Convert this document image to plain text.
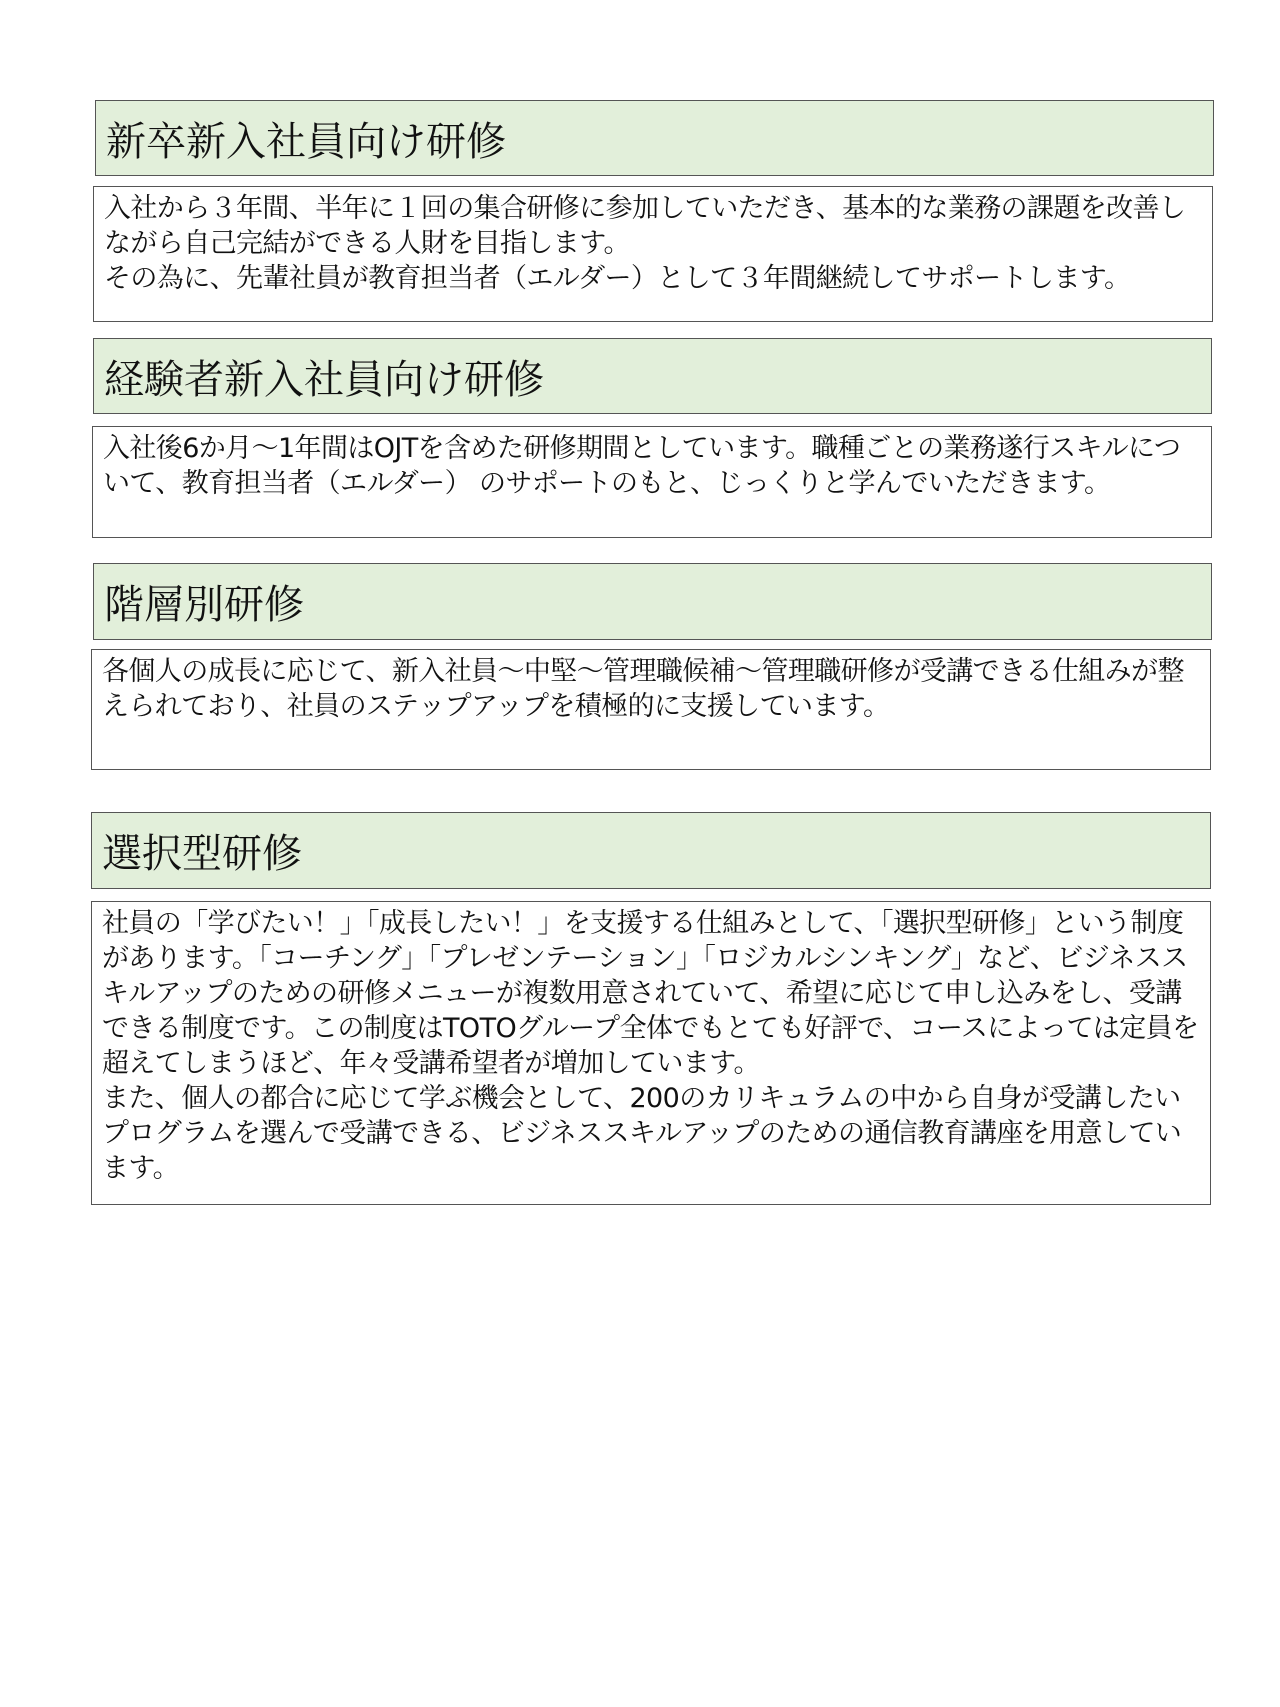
新卒新入社員向け研修

入社から３年間、半年に１回の集合研修に参加していただき、基本的な業務の課題を改善しながら自己完結ができる人財を目指します。

その為に、先輩社員が教育担当者（エルダー）として３年間継続してサポートします。

経験者新入社員向け研修

入社後6か月～1年間はOJTを含めた研修期間としています。職種ごとの業務遂行スキルについて、教育担当者（エルダー） のサポートのもと、じっくりと学んでいただきます。

階層別研修

各個人の成長に応じて、新入社員～中堅～管理職候補～管理職研修が受講できる仕組みが整えられており、社員のステップアップを積極的に支援しています。

選択型研修

社員の「学びたい！」「成長したい！」を支援する仕組みとして、「選択型研修」という制度があります。「コーチング」「プレゼンテーション」「ロジカルシンキング」など、ビジネススキルアップのための研修メニューが複数用意されていて、希望に応じて申し込みをし、受講できる制度です。この制度はTOTOグループ全体でもとても好評で、コースによっては定員を超えてしまうほど、年々受講希望者が増加しています。

また、個人の都合に応じて学ぶ機会として、200のカリキュラムの中から自身が受講したいプログラムを選んで受講できる、ビジネススキルアップのための通信教育講座を用意しています。
